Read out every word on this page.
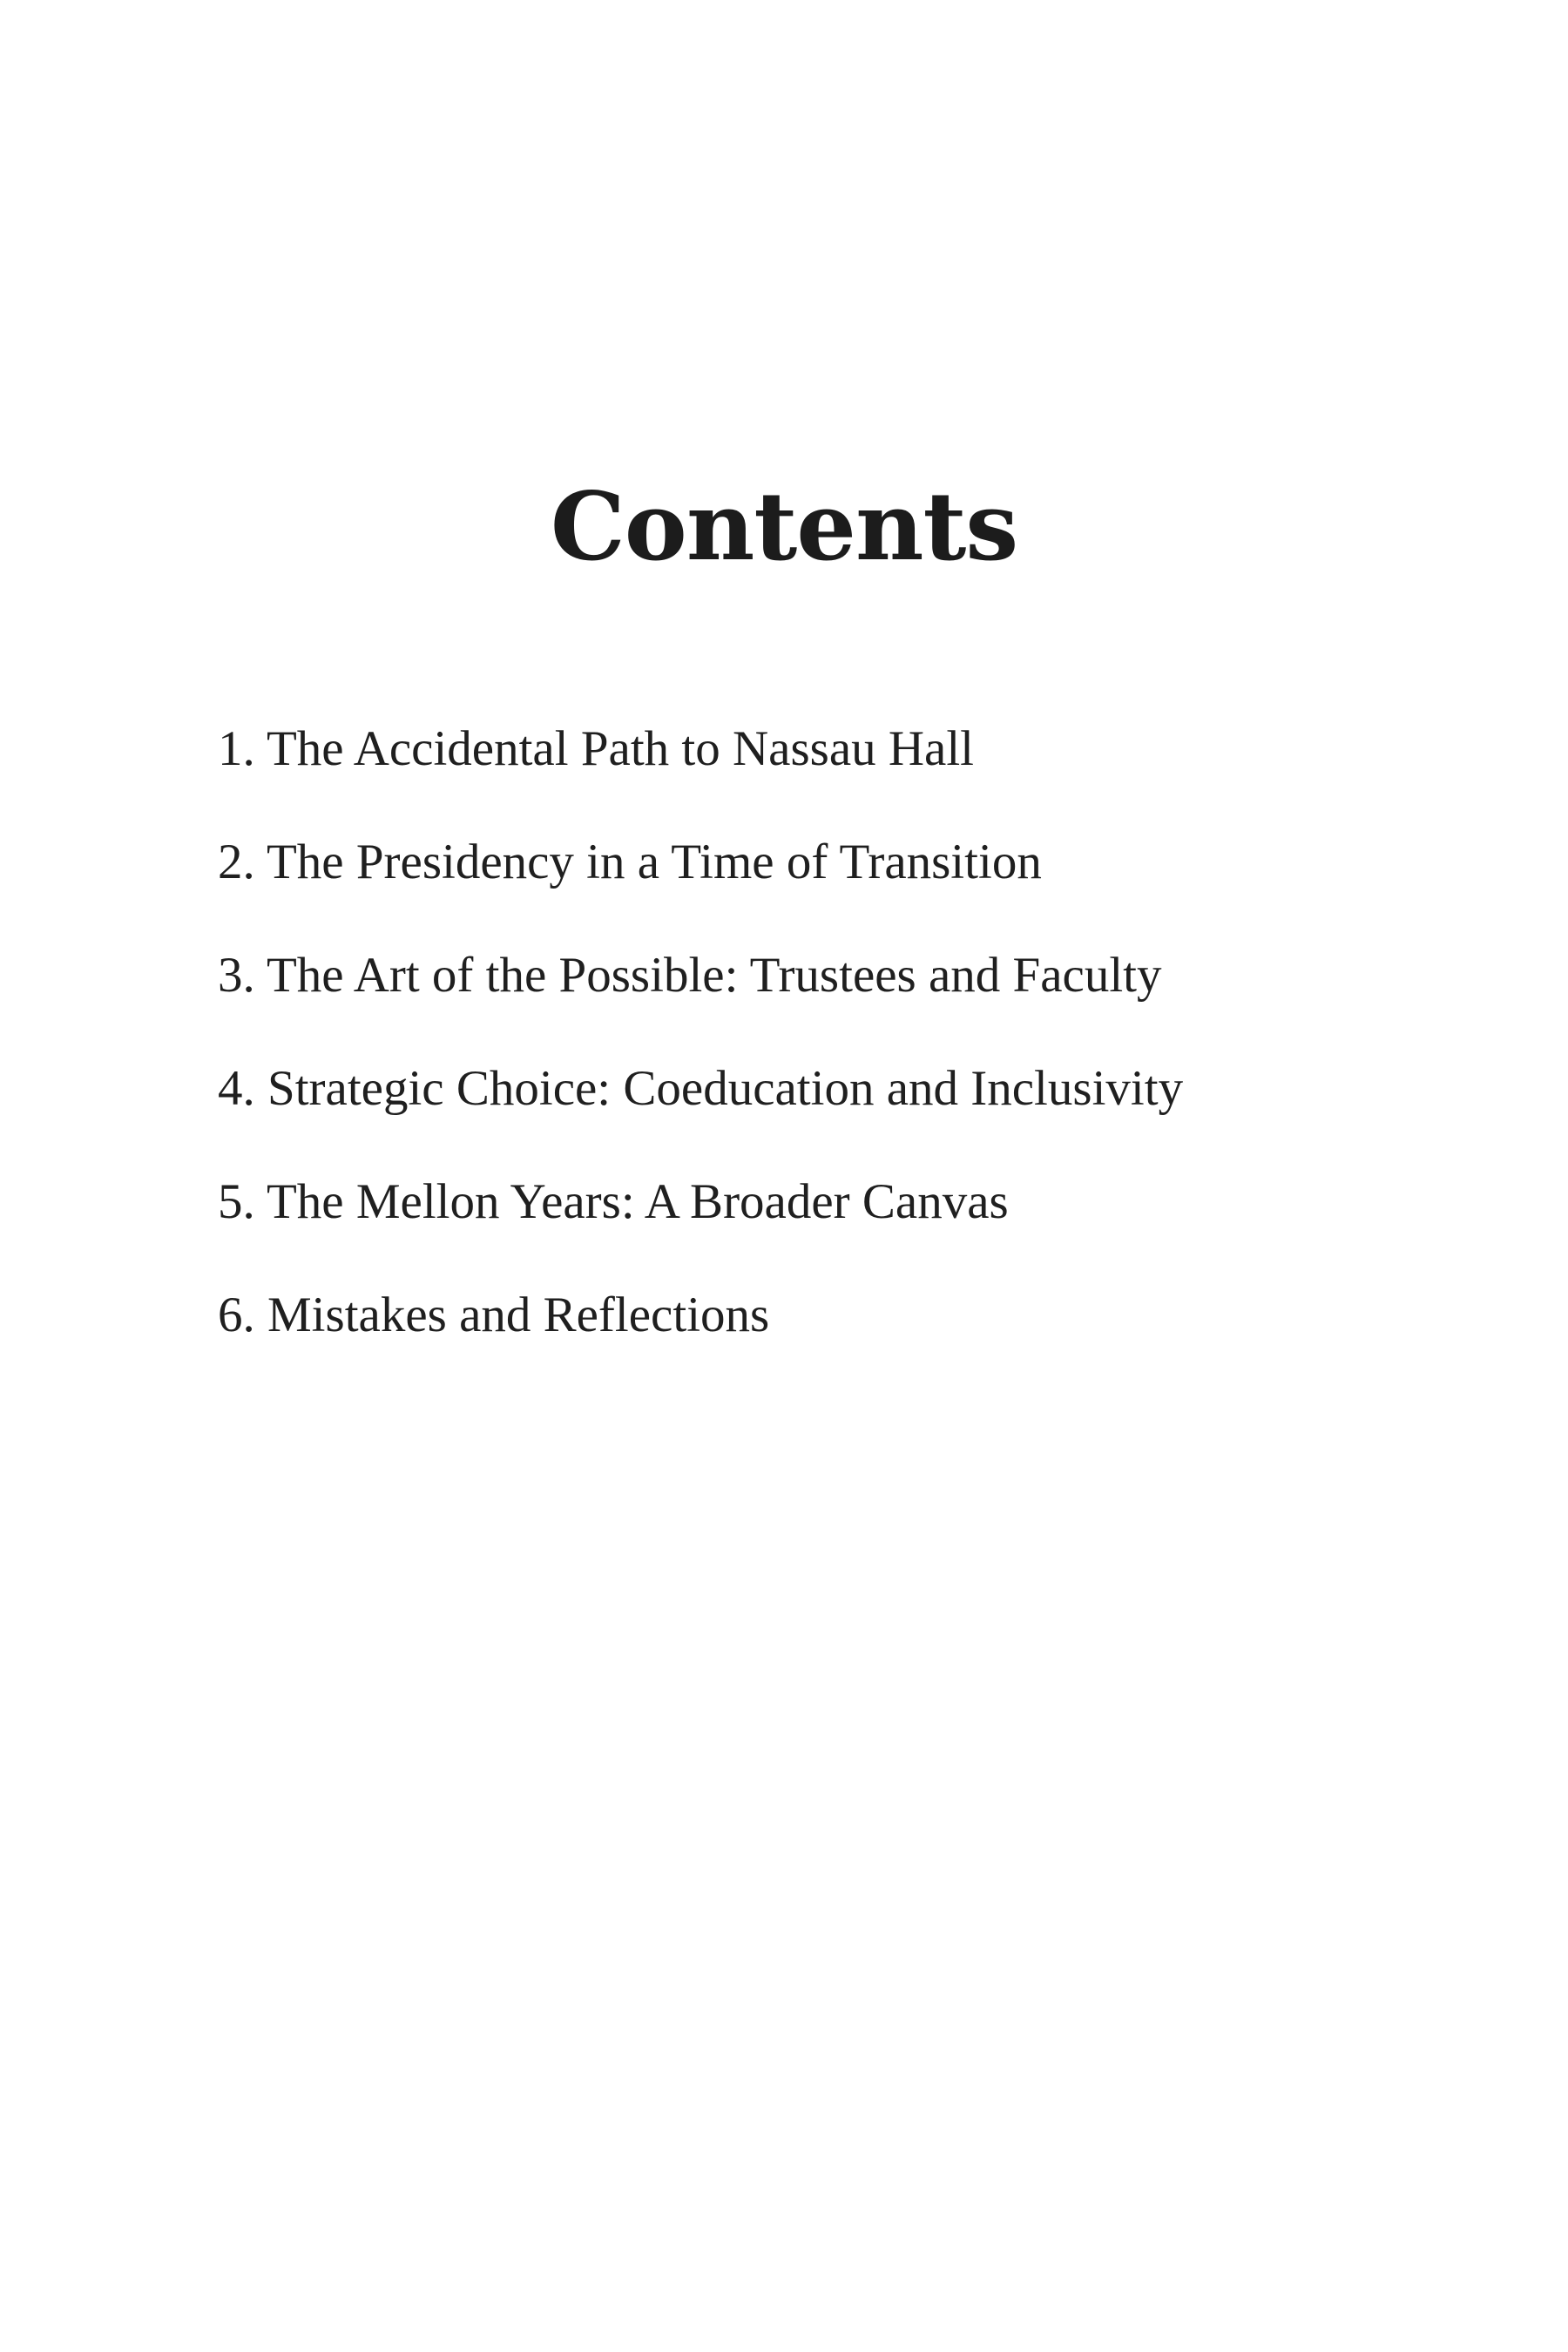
Contents
1. The Accidental Path to Nassau Hall
2. The Presidency in a Time of Transition
3. The Art of the Possible: Trustees and Faculty
4. Strategic Choice: Coeducation and Inclusivity
5. The Mellon Years: A Broader Canvas
6. Mistakes and Reflections
